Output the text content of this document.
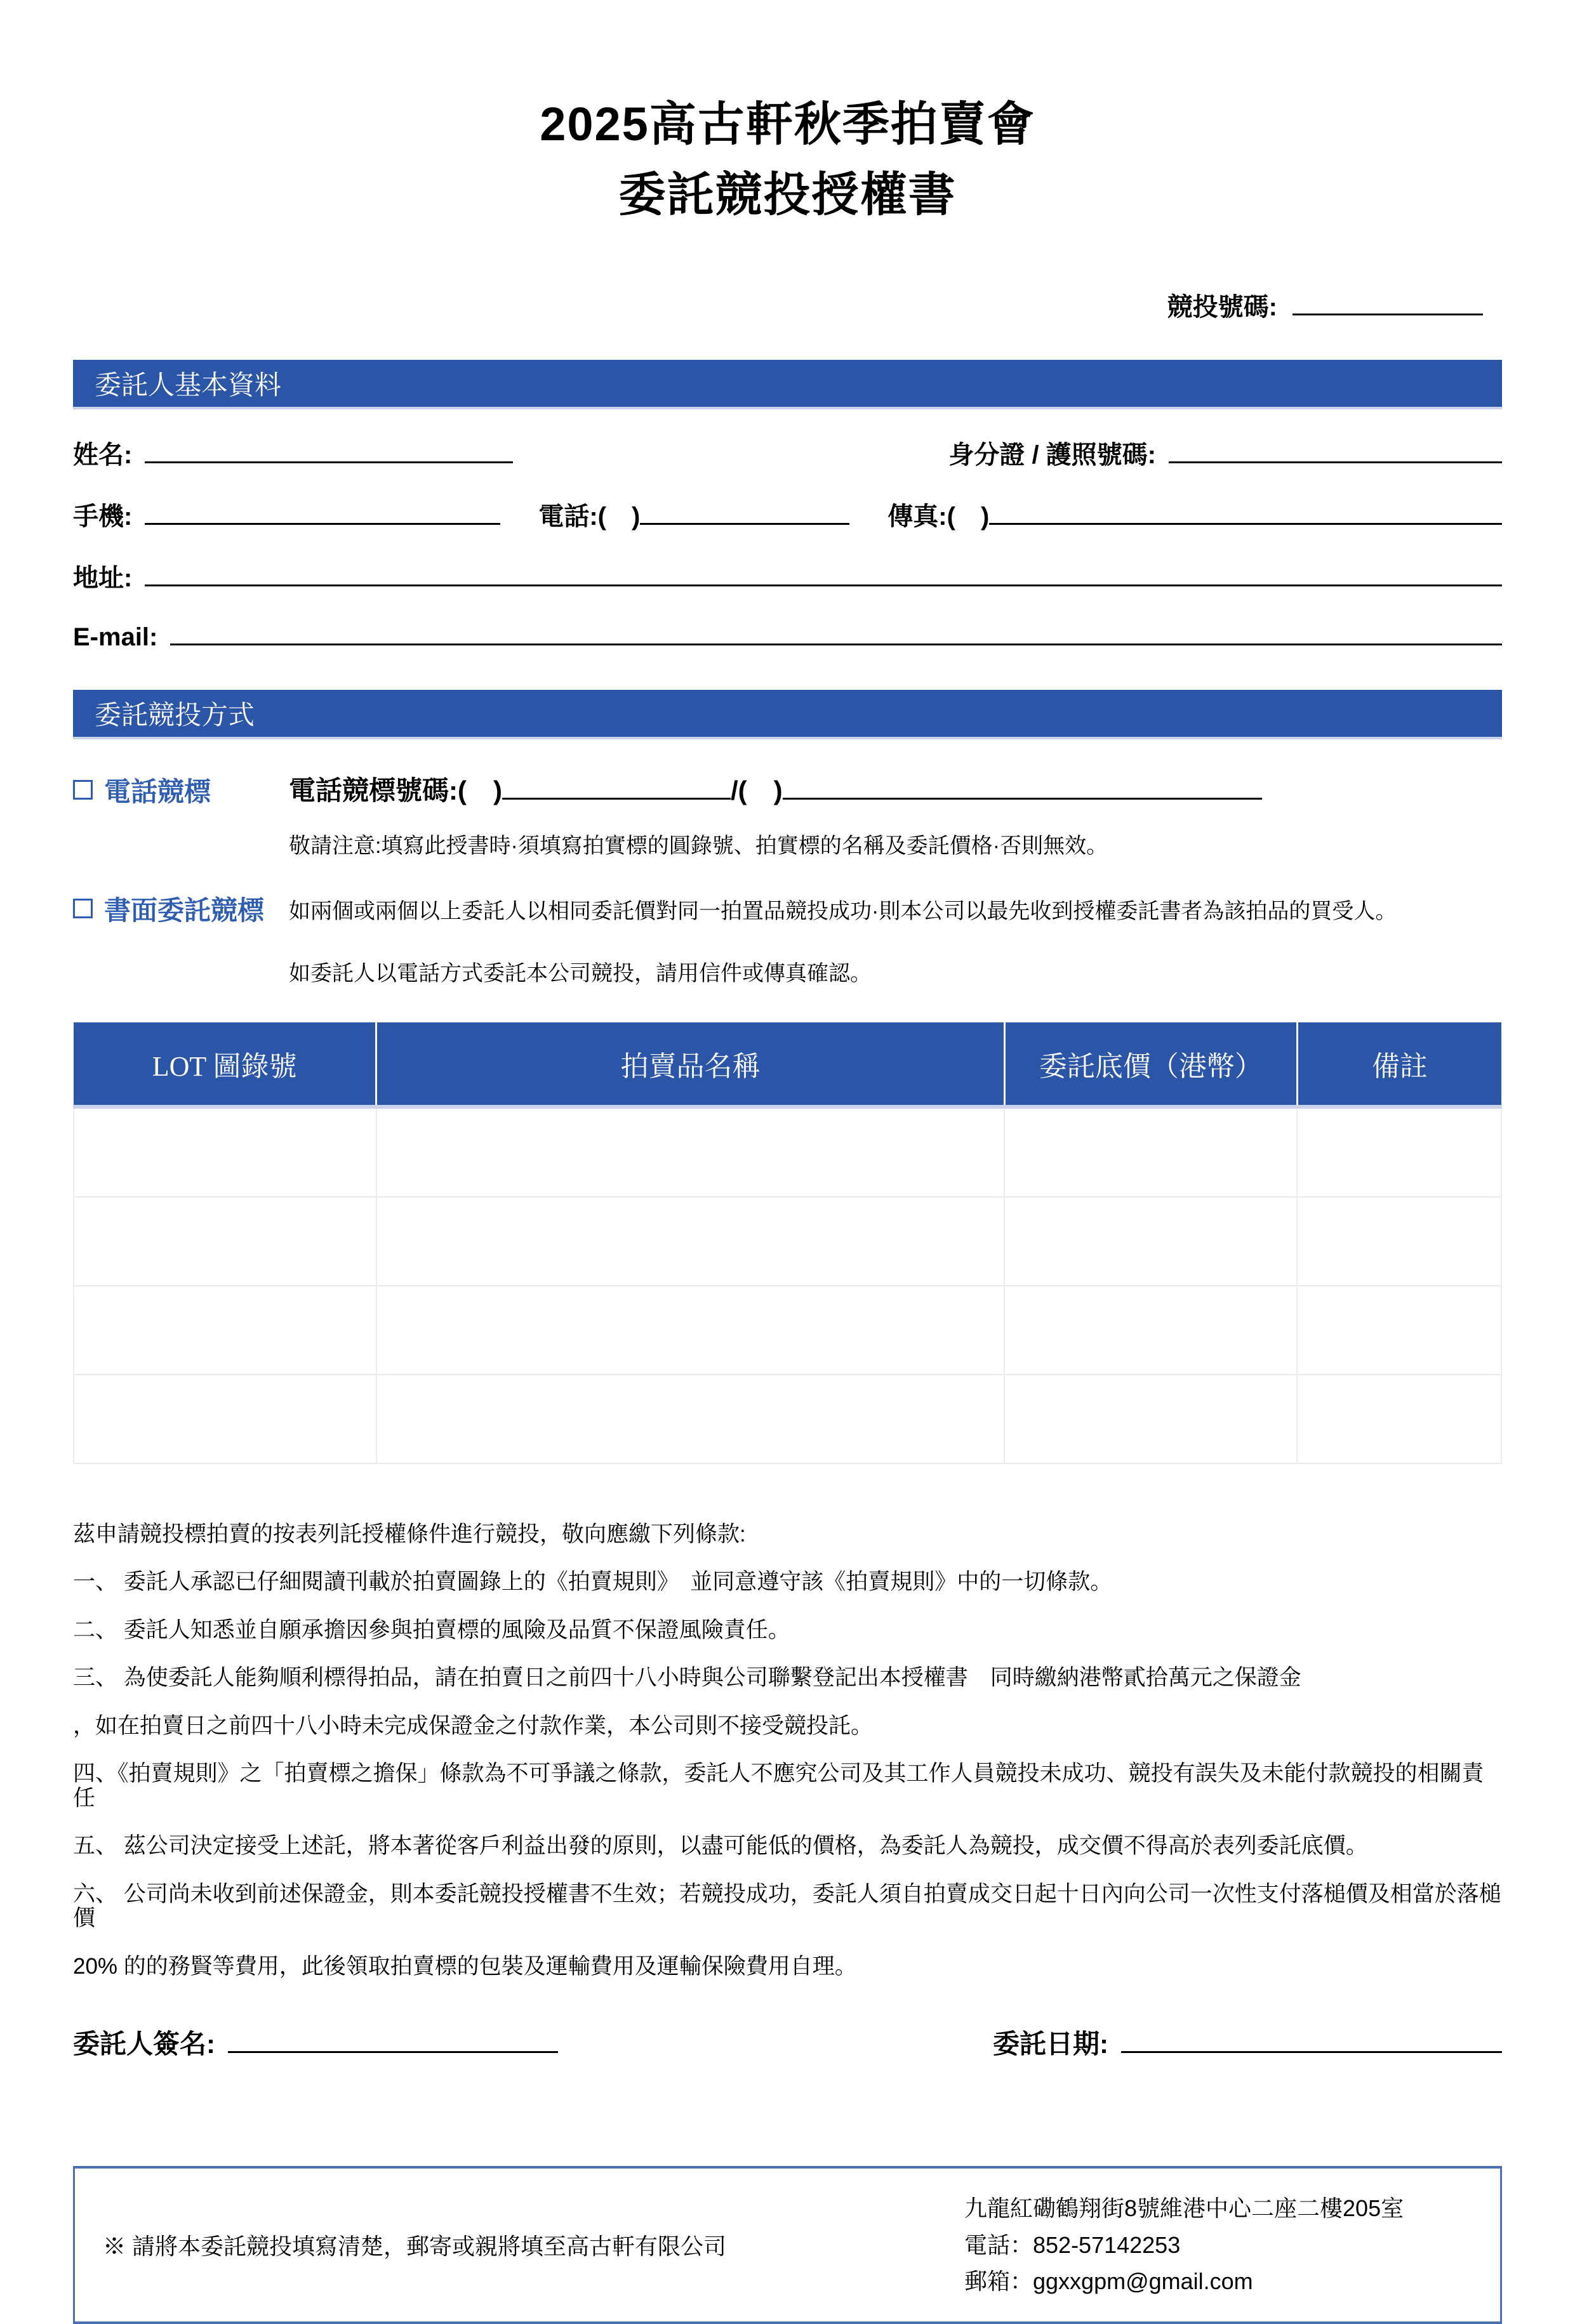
2025高古軒秋季拍賣會
委託競投授權書
競投號碼:
委託人基本資料
姓名:	身分證 / 護照號碼:
手機:	電話: (　)	傳真: (　)
地址:
E-mail:
委託競投方式
電話競標	電話競標號碼: (　)	/(　)
敬請注意:填寫此授書時·須填寫拍實標的圓錄號、拍實標的名稱及委託價格·否則無效。
書面委託競標 如兩個或兩個以上委託人以相同委託價對同一拍置品競投成功·則本公司以最先收到授權委託書者為該拍品的買受人。
如委託人以電話方式委託本公司競投，請用信件或傳真確認。
LOT 圖錄號	拍賣品名稱	委託底價（港幣）	備註

茲申請競投標拍賣的按表列託授權條件進行競投，敬向應繳下列條款:

一、 委託人承認已仔細閱讀刊載於拍賣圖錄上的《拍賣規則》　並同意遵守該《拍賣規則》中的一切條款。

二、 委託人知悉並自願承擔因參與拍賣標的風險及品質不保證風險責任。

三、 為使委託人能夠順利標得拍品，請在拍賣日之前四十八小時與公司聯繫登記出本授權書　同時繳納港幣貳拾萬元之保證金

，如在拍賣日之前四十八小時未完成保證金之付款作業，本公司則不接受競投託。

四、《拍賣規則》之「拍賣標之擔保」條款為不可爭議之條款，委託人不應究公司及其工作人員競投未成功、競投有誤失及未能付款競投的相關責任

五、 茲公司決定接受上述託，將本著從客戶利益出發的原則，以盡可能低的價格，為委託人為競投，成交價不得高於表列委託底價。

六、 公司尚未收到前述保證金，則本委託競投授權書不生效；若競投成功，委託人須自拍賣成交日起十日內向公司一次性支付落槌價及相當於落槌價

20% 的的務賢等費用，此後領取拍賣標的包裝及運輸費用及運輸保險費用自理。

委託人簽名:	委託日期:
※ 請將本委託競投填寫清楚，郵寄或親將填至高古軒有限公司
九龍紅磡鶴翔街8號維港中心二座二樓205室
電話：852-57142253
郵箱：ggxxgpm@gmail.com
